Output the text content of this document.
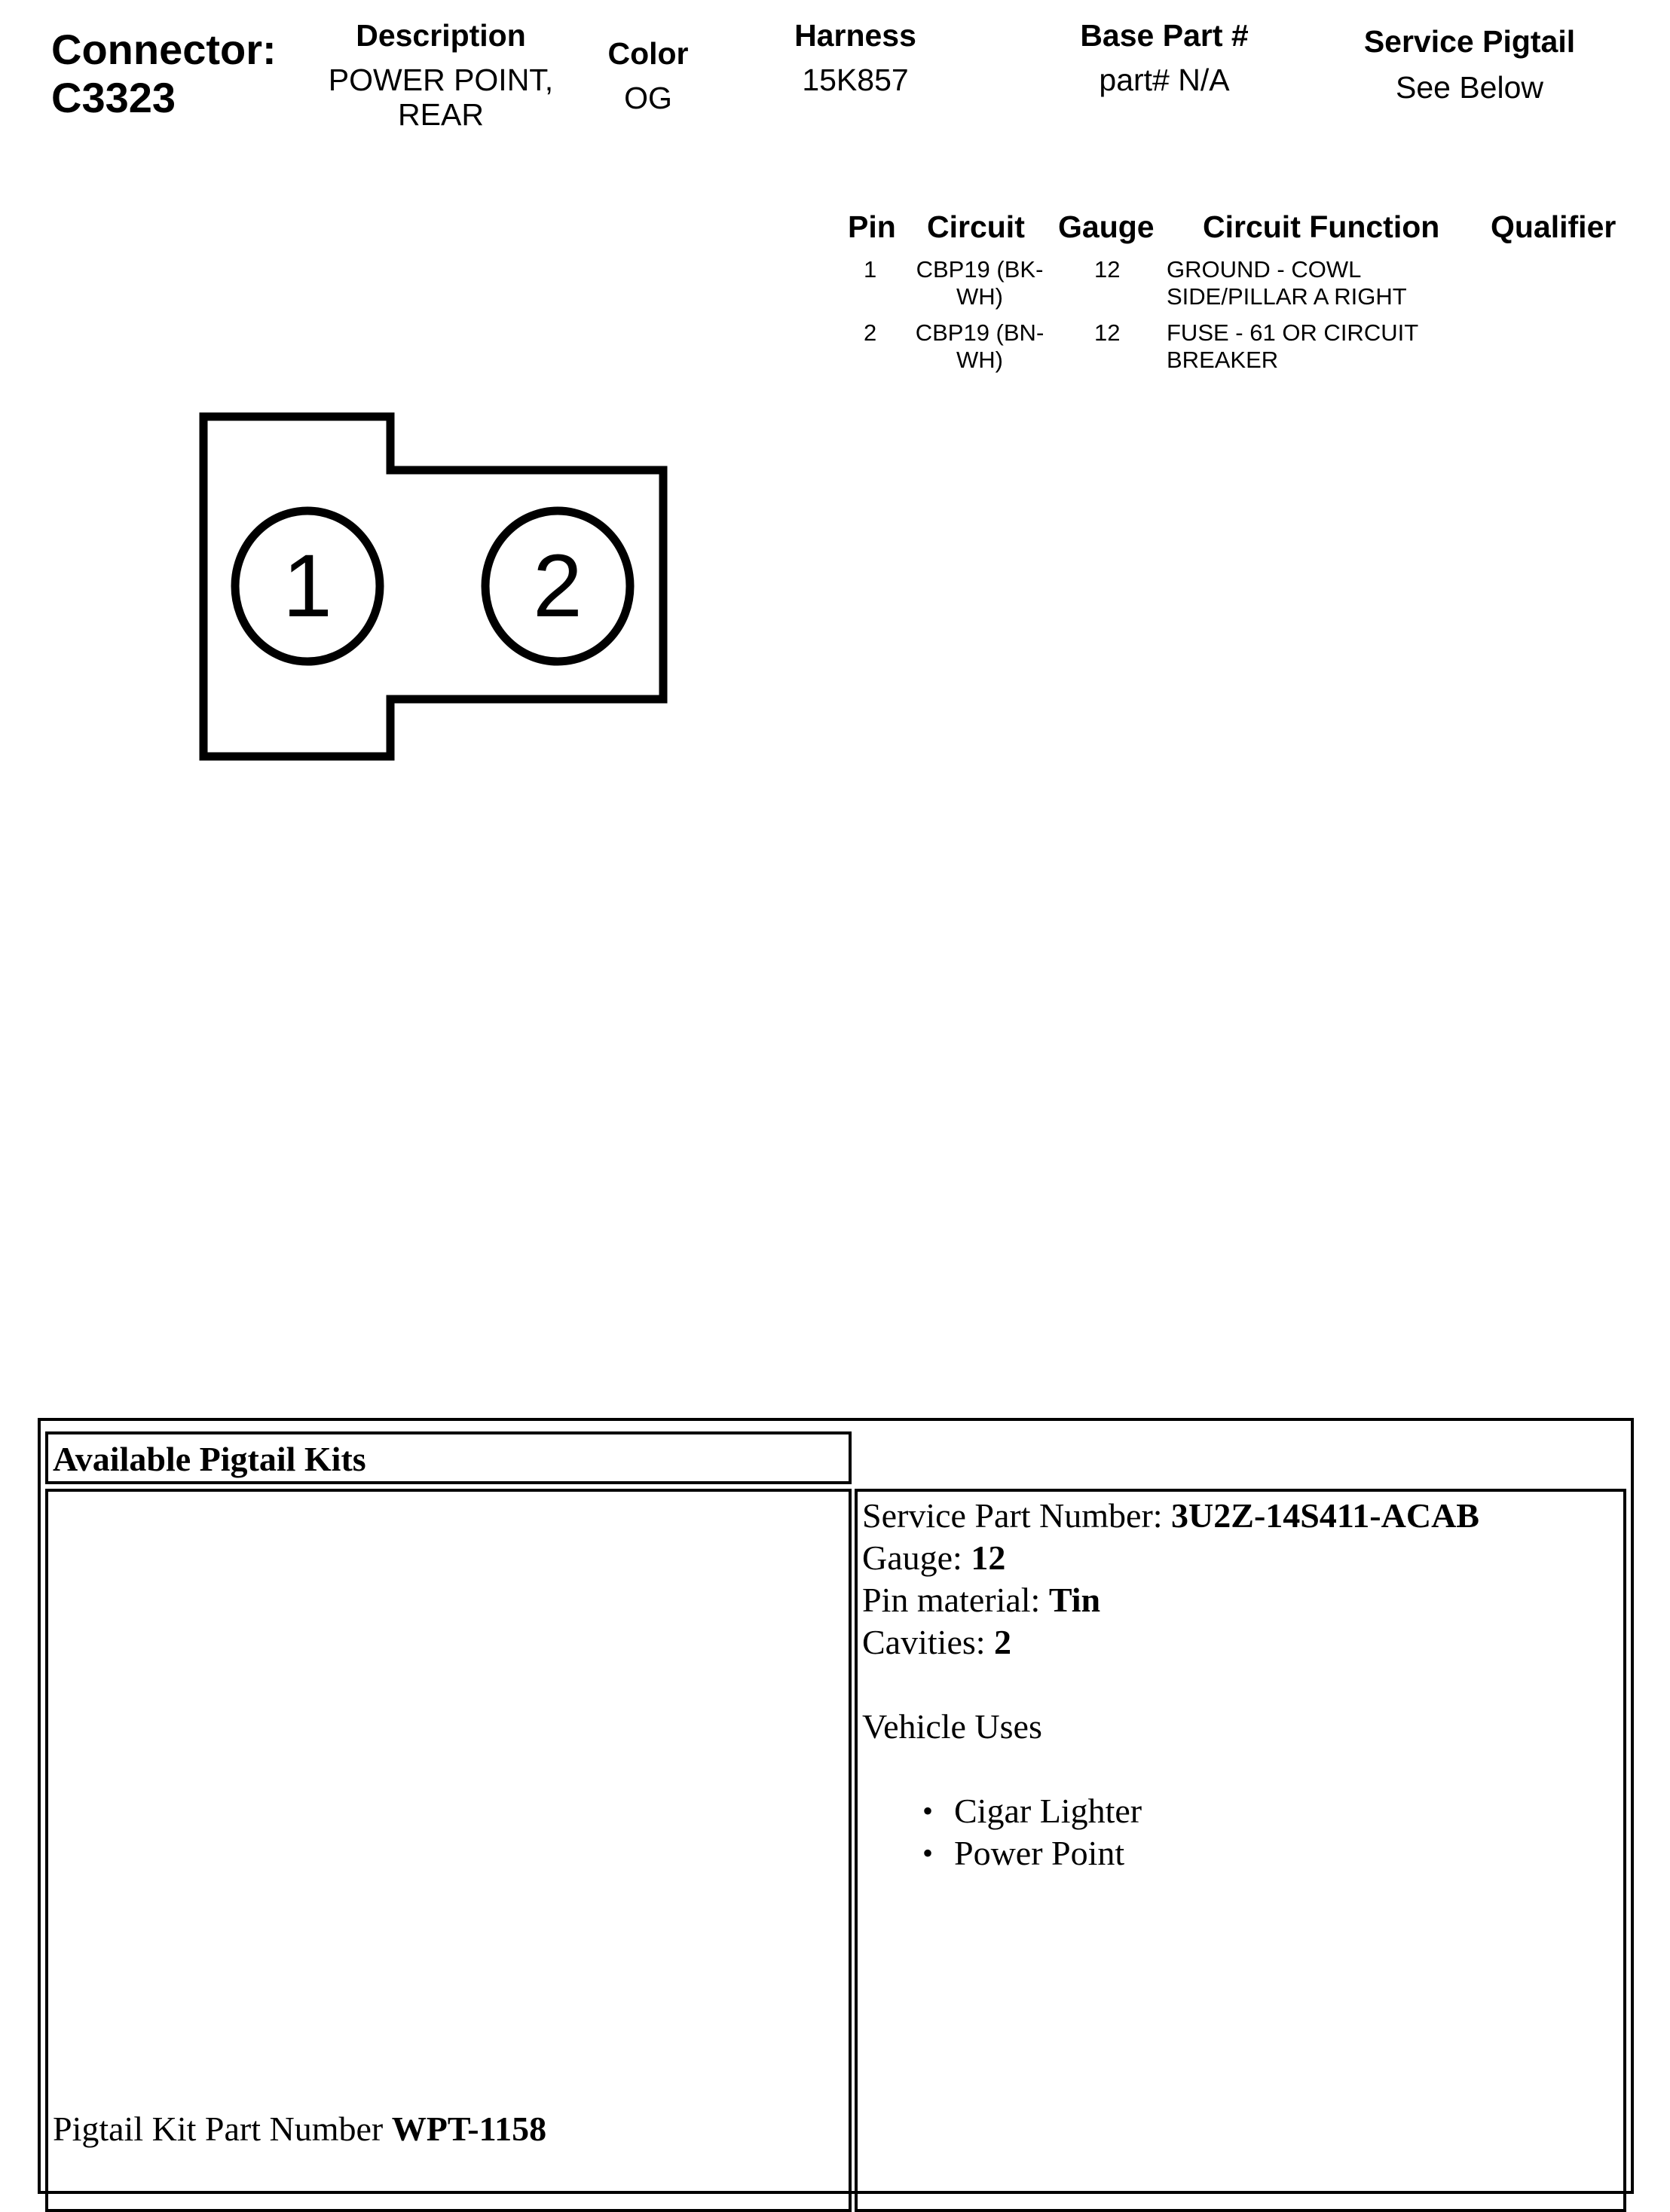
Connector:
C3323
Description
POWER POINT,
REAR
Color
OG
Harness
15K857
Base Part #
part# N/A
Service Pigtail
See Below
Pin Circuit Gauge Circuit Function Qualifier
1	CBP19 (BK-
WH)
12 GROUND - COWL
SIDE/PILLAR A RIGHT
2	CBP19 (BN-
WH)
12 FUSE - 61 OR CIRCUIT
BREAKER
1 2
Available Pigtail Kits
Pigtail Kit Part Number WPT-1158
Service Part Number: 3U2Z-14S411-ACAB
Gauge: 12
Pin material: Tin
Cavities: 2
Vehicle Uses
• Cigar Lighter
• Power Point
